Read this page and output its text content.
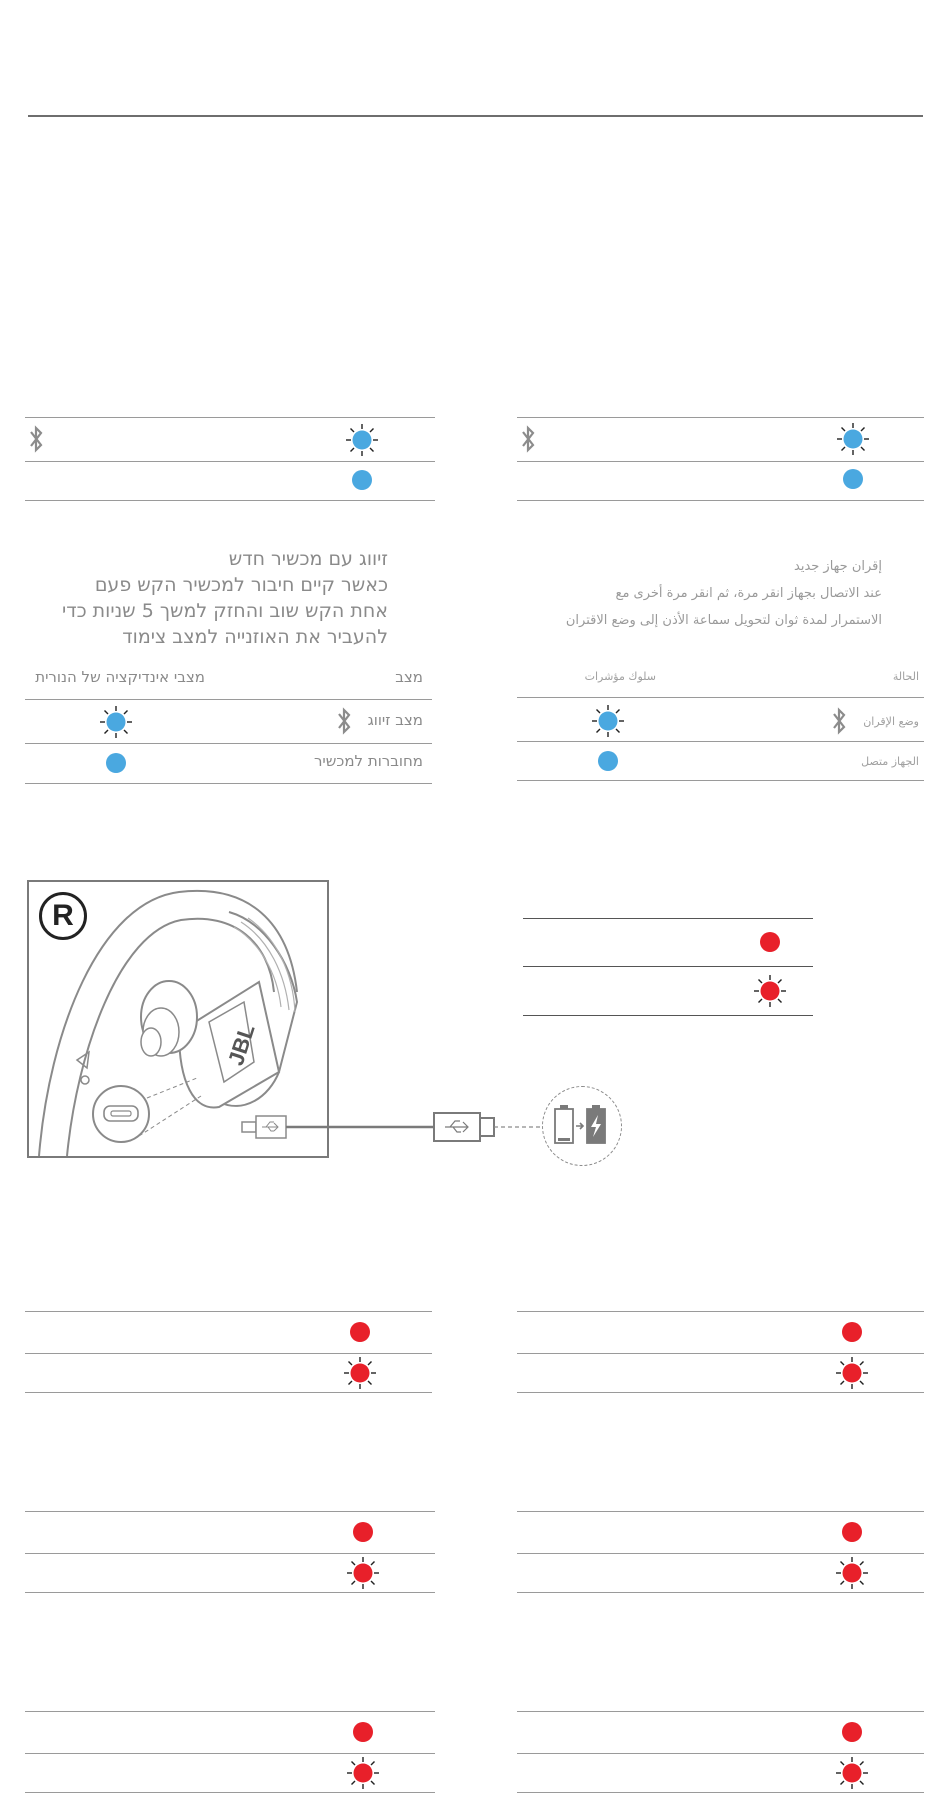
זיווג עם מכשיר חדש
כאשר קיים חיבור למכשיר הקש פעם
אחת הקש שוב והחזק למשך 5 שניות כדי
להעביר את האוזנייה למצב צימוד
מצב
מצבי אינדיקציה של הנורית
מצב זיווג
מחוברות למכשיר
إقران جهاز جديد
عند الاتصال بجهاز انقر مرة، ثم انقر مرة أخرى مع
الاستمرار لمدة ثوان لتحويل سماعة الأذن إلى وضع الاقتران
الحالة
سلوك مؤشرات
وضع الإقران
الجهاز متصل
R
JBL
